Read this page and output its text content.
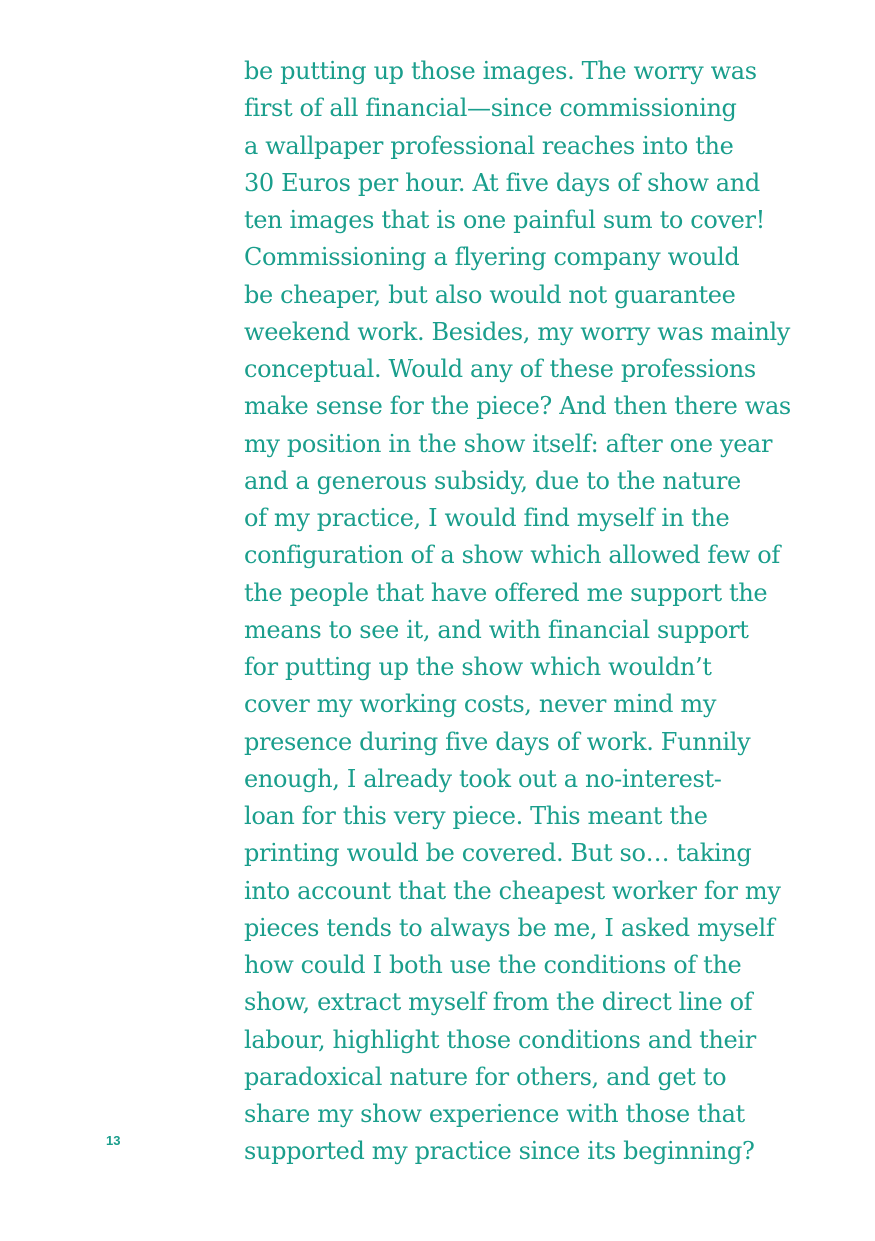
be putting up those images. The worry was
first of all financial—since commissioning
a wallpaper professional reaches into the
30 Euros per hour. At five days of show and
ten images that is one painful sum to cover!
Commissioning a flyering company would
be cheaper, but also would not guarantee
weekend work. Besides, my worry was mainly
conceptual. Would any of these professions
make sense for the piece? And then there was
my position in the show itself: after one year
and a generous subsidy, due to the nature
of my practice, I would find myself in the
configuration of a show which allowed few of
the people that have offered me support the
means to see it, and with financial support
for putting up the show which wouldn’t
cover my working costs, never mind my
presence during five days of work. Funnily
enough, I already took out a no-interest-
loan for this very piece. This meant the
printing would be covered. But so… taking
into account that the cheapest worker for my
pieces tends to always be me, I asked myself
how could I both use the conditions of the
show, extract myself from the direct line of
labour, highlight those conditions and their
paradoxical nature for others, and get to
share my show experience with those that
supported my practice since its beginning?
13
